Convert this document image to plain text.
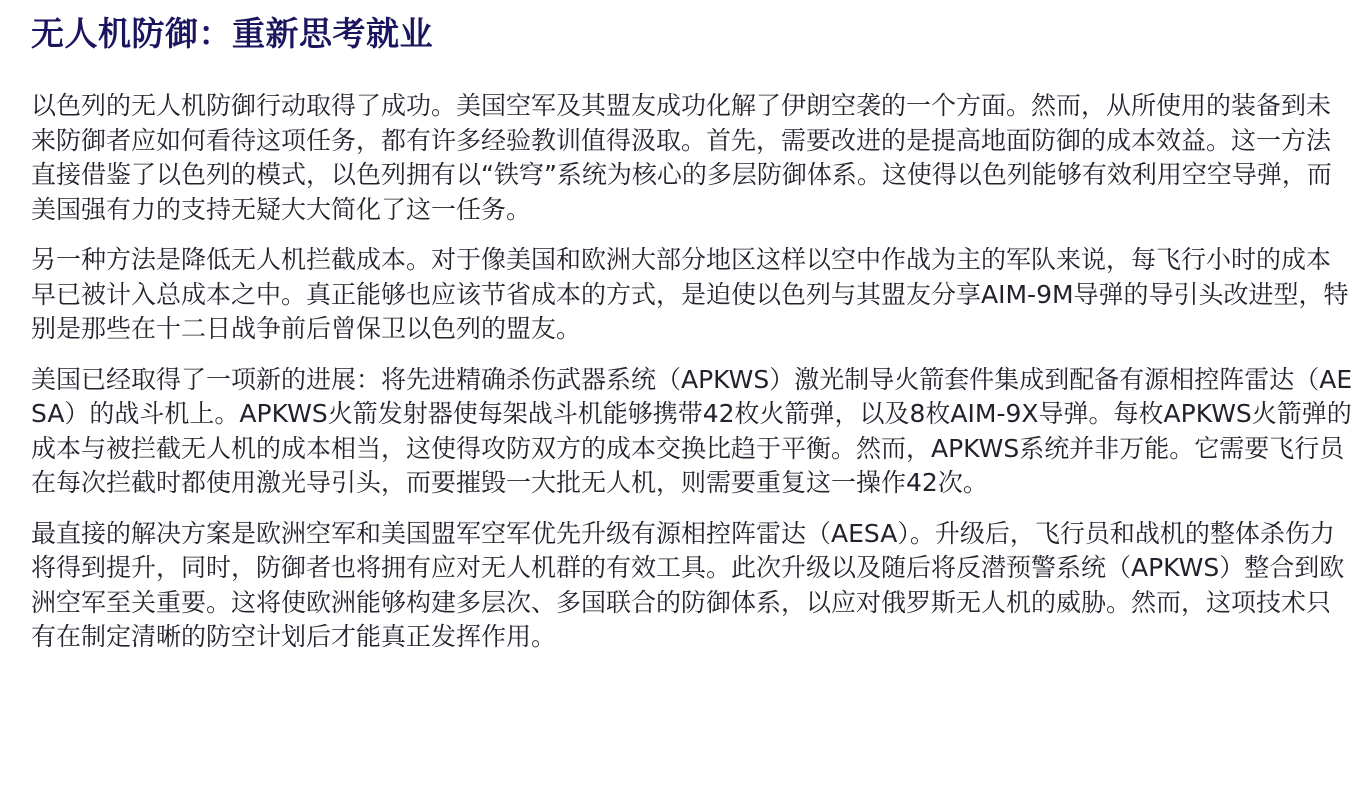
无人机防御：重新思考就业

以色列的无人机防御行动取得了成功。美国空军及其盟友成功化解了伊朗空袭的一个方面。然而，从所使用的装备到未来防御者应如何看待这项任务，都有许多经验教训值得汲取。首先，需要改进的是提高地面防御的成本效益。这一方法直接借鉴了以色列的模式，以色列拥有以“铁穹”系统为核心的多层防御体系。这使得以色列能够有效利用空空导弹，而美国强有力的支持无疑大大简化了这一任务。

另一种方法是降低无人机拦截成本。对于像美国和欧洲大部分地区这样以空中作战为主的军队来说，每飞行小时的成本早已被计入总成本之中。真正能够也应该节省成本的方式，是迫使以色列与其盟友分享AIM-9M导弹的导引头改进型，特别是那些在十二日战争前后曾保卫以色列的盟友。

美国已经取得了一项新的进展：将先进精确杀伤武器系统（APKWS）激光制导火箭套件集成到配备有源相控阵雷达（AESA）的战斗机上。APKWS火箭发射器使每架战斗机能够携带42枚火箭弹，以及8枚AIM-9X导弹。每枚APKWS火箭弹的成本与被拦截无人机的成本相当，这使得攻防双方的成本交换比趋于平衡。然而，APKWS系统并非万能。它需要飞行员在每次拦截时都使用激光导引头，而要摧毁一大批无人机，则需要重复这一操作42次。

最直接的解决方案是欧洲空军和美国盟军空军优先升级有源相控阵雷达（AESA）。升级后，飞行员和战机的整体杀伤力将得到提升，同时，防御者也将拥有应对无人机群的有效工具。此次升级以及随后将反潜预警系统（APKWS）整合到欧洲空军至关重要。这将使欧洲能够构建多层次、多国联合的防御体系，以应对俄罗斯无人机的威胁。然而，这项技术只有在制定清晰的防空计划后才能真正发挥作用。
